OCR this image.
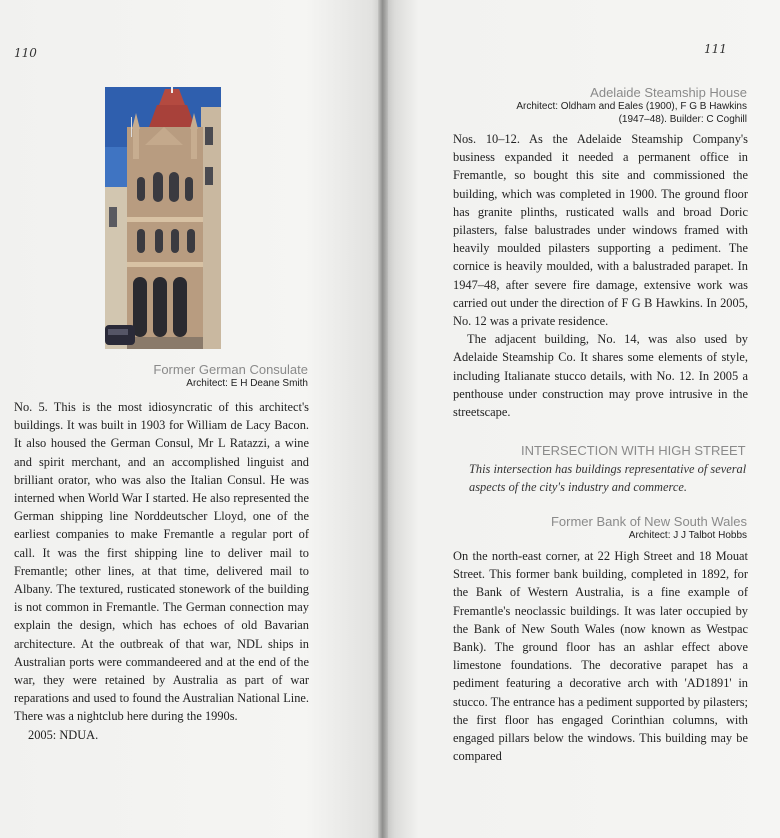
110
Former German Consulate
Architect: E H Deane Smith

No. 5. This is the most idiosyncratic of this architect's buildings. It was built in 1903 for William de Lacy Bacon. It also housed the German Consul, Mr L Ratazzi, a wine and spirit merchant, and an accomplished linguist and brilliant orator, who was also the Italian Consul. He was interned when World War I started. He also represented the German shipping line Norddeutscher Lloyd, one of the earliest companies to make Fremantle a regular port of call. It was the first shipping line to deliver mail to Fremantle; other lines, at that time, delivered mail to Albany. The textured, rusticated stonework of the building is not common in Fremantle. The German connection may explain the design, which has echoes of old Bavarian architecture. At the outbreak of that war, NDL ships in Australian ports were commandeered and at the end of the war, they were retained by Australia as part of war reparations and used to found the Australian National Line. There was a nightclub here during the 1990s.

2005: NDUA.

111
Adelaide Steamship House
Architect: Oldham and Eales (1900), F G B Hawkins
(1947–48). Builder: C Coghill

Nos. 10–12. As the Adelaide Steamship Company's business expanded it needed a permanent office in Fremantle, so bought this site and commissioned the building, which was completed in 1900. The ground floor has granite plinths, rusticated walls and broad Doric pilasters, false balustrades under windows framed with heavily moulded pilasters supporting a pediment. The cornice is heavily moulded, with a balustraded parapet. In 1947–48, after severe fire damage, extensive work was carried out under the direction of F G B Hawkins. In 2005, No. 12 was a private residence.

The adjacent building, No. 14, was also used by Adelaide Steamship Co. It shares some elements of style, including Italianate stucco details, with No. 12. In 2005 a penthouse under construction may prove intrusive in the streetscape.

INTERSECTION WITH HIGH STREET
This intersection has buildings representative of several aspects of the city's industry and commerce.
Former Bank of New South Wales
Architect: J J Talbot Hobbs

On the north-east corner, at 22 High Street and 18 Mouat Street. This former bank building, completed in 1892, for the Bank of Western Australia, is a fine example of Fremantle's neoclassic buildings. It was later occupied by the Bank of New South Wales (now known as Westpac Bank). The ground floor has an ashlar effect above limestone foundations. The decorative parapet has a pediment featuring a decorative arch with 'AD1891' in stucco. The entrance has a pediment supported by pilasters; the first floor has engaged Corinthian columns, with engaged pillars below the windows. This building may be compared
